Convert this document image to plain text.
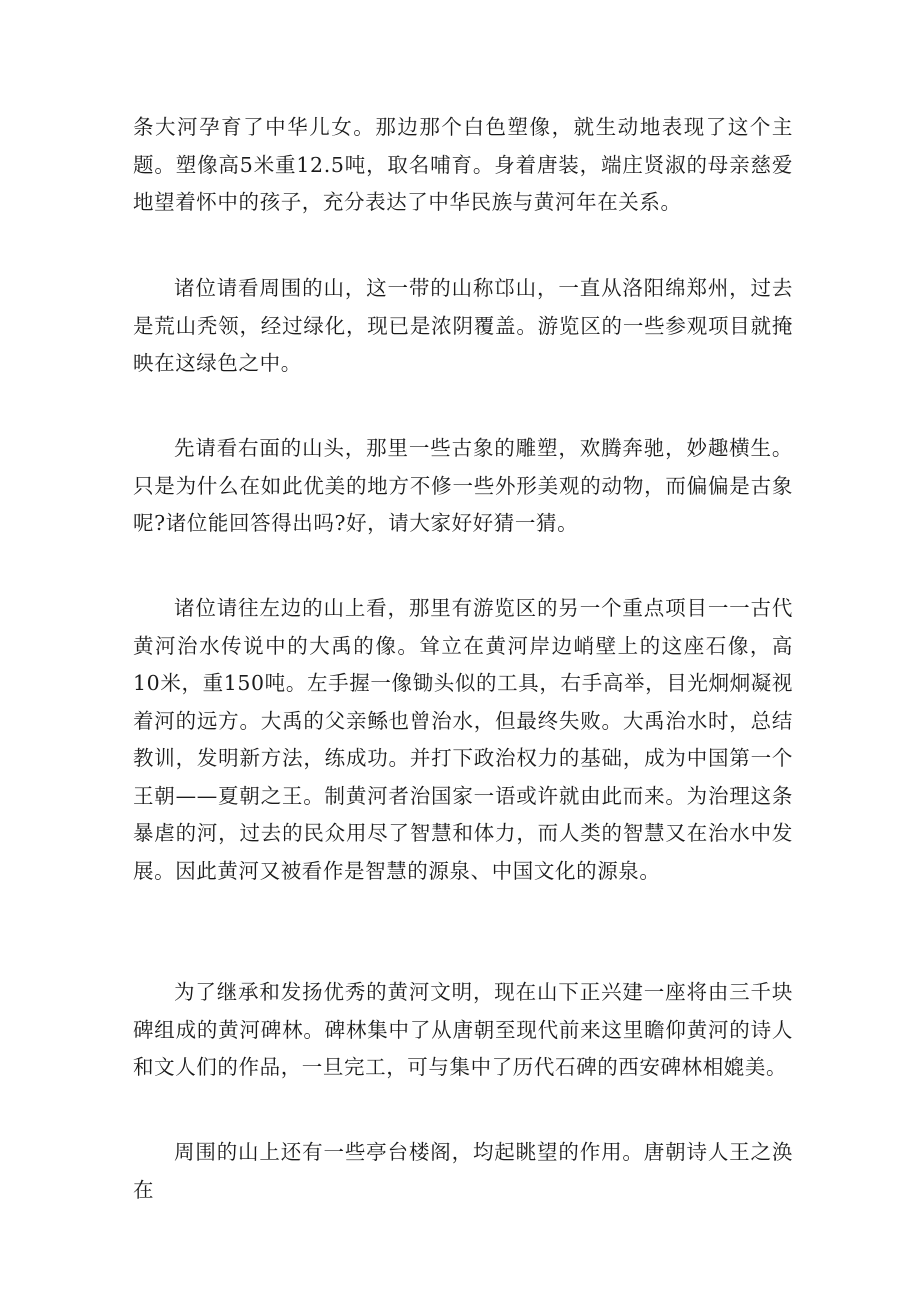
条大河孕育了中华儿女。那边那个白色塑像，就生动地表现了这个主题。塑像高5米重12.5吨，取名哺育。身着唐装，端庄贤淑的母亲慈爱地望着怀中的孩子，充分表达了中华民族与黄河年在关系。

诸位请看周围的山，这一带的山称邙山，一直从洛阳绵郑州，过去是荒山秃领，经过绿化，现已是浓阴覆盖。游览区的一些参观项目就掩映在这绿色之中。

先请看右面的山头，那里一些古象的雕塑，欢腾奔驰，妙趣横生。只是为什么在如此优美的地方不修一些外形美观的动物，而偏偏是古象呢?诸位能回答得出吗?好，请大家好好猜一猜。

诸位请往左边的山上看，那里有游览区的另一个重点项目一一古代黄河治水传说中的大禹的像。耸立在黄河岸边峭壁上的这座石像，高10米，重150吨。左手握一像锄头似的工具，右手高举，目光炯炯凝视着河的远方。大禹的父亲鲧也曾治水，但最终失败。大禹治水时，总结教训，发明新方法，练成功。并打下政治权力的基础，成为中国第一个王朝——夏朝之王。制黄河者治国家一语或许就由此而来。为治理这条暴虐的河，过去的民众用尽了智慧和体力，而人类的智慧又在治水中发展。因此黄河又被看作是智慧的源泉、中国文化的源泉。

为了继承和发扬优秀的黄河文明，现在山下正兴建一座将由三千块碑组成的黄河碑林。碑林集中了从唐朝至现代前来这里瞻仰黄河的诗人和文人们的作品，一旦完工，可与集中了历代石碑的西安碑林相媲美。

周围的山上还有一些亭台楼阁，均起眺望的作用。唐朝诗人王之涣在
